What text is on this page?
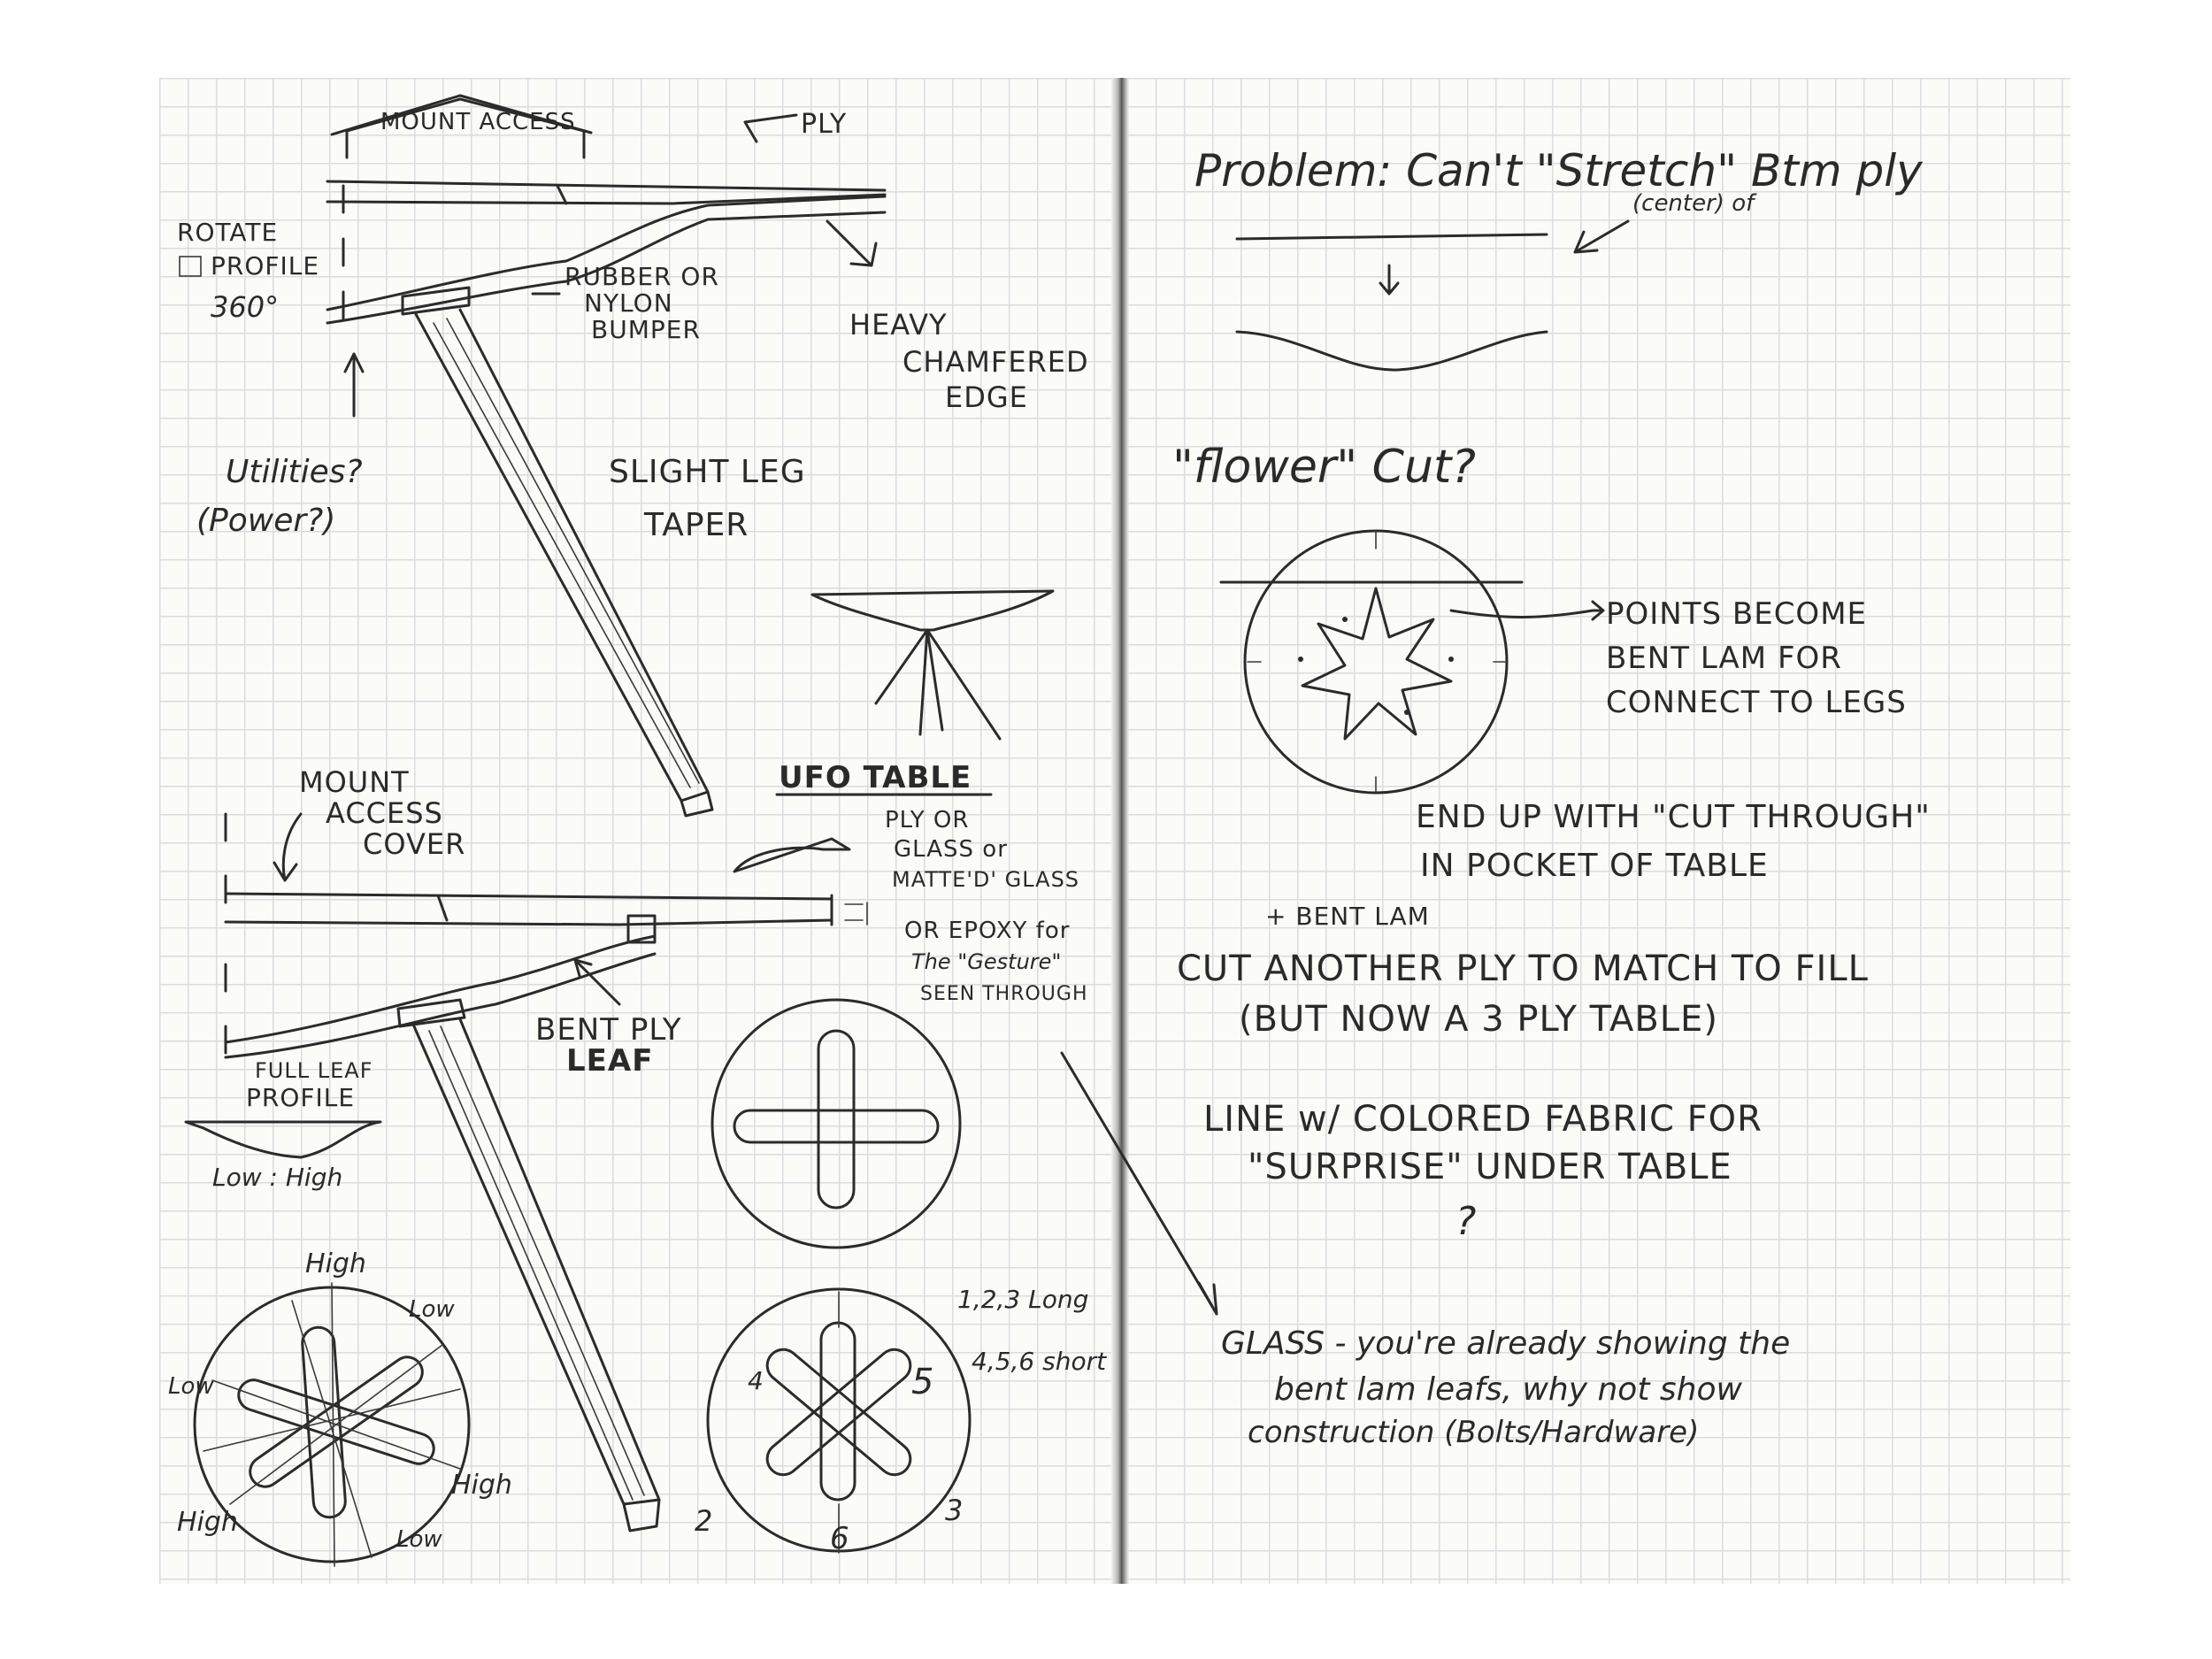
MOUNT ACCESS	PLY
ROTATE
PROFILE
360°
Utilities?
(Power?)
RUBBER OR
NYLON
BUMPER	HEAVY
CHAMFERED
EDGE
SLIGHT LEG
TAPER
UFO TABLE
MOUNT
ACCESS
COVER
PLY OR
GLASS or
MATTE'D' GLASS
OR EPOXY for
The "Gesture"
SEEN THROUGH
BENT PLY
LEAF
FULL LEAF
PROFILE
Low : High
4	5
3
6
2
1,2,3 Long
4,5,6 short
High
Low
Low
High
High
Low
Problem: Can't "Stretch" Btm ply
(center) of
"flower" Cut?
POINTS BECOME
BENT LAM FOR
CONNECT TO LEGS
END UP WITH "CUT THROUGH"
IN POCKET OF TABLE
+ BENT LAM
CUT ANOTHER PLY TO MATCH TO FILL
(BUT NOW A 3 PLY TABLE)
LINE w/ COLORED FABRIC FOR
"SURPRISE" UNDER TABLE
?
GLASS - you're already showing the
bent lam leafs, why not show
construction (Bolts/Hardware)
